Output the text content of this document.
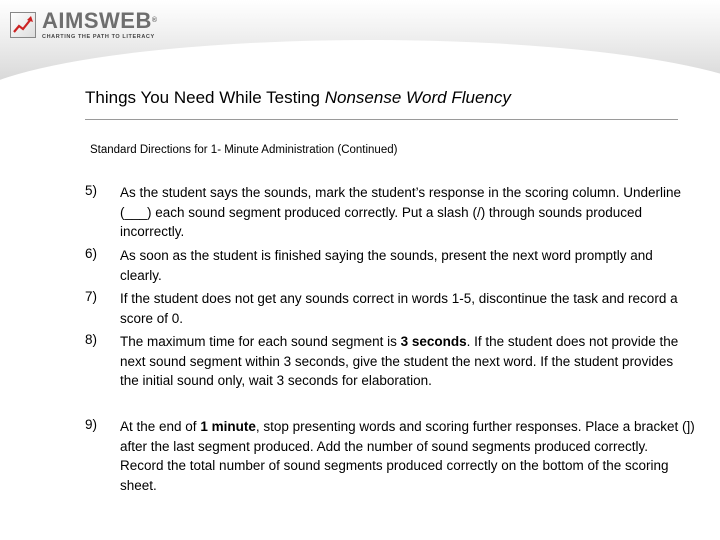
AIMSWEB®
CHARTING THE PATH TO LITERACY
Things You Need While Testing Nonsense Word Fluency
Standard Directions for 1- Minute Administration (Continued)
5) As the student says the sounds, mark the student’s response in the scoring column. Underline (___) each sound segment produced correctly. Put a slash (/) through sounds produced incorrectly.
6) As soon as the student is finished saying the sounds, present the next word promptly and clearly.
7) If the student does not get any sounds correct in words 1-5, discontinue the task and record a score of 0.
8) The maximum time for each sound segment is 3 seconds. If the student does not provide the next sound segment within 3 seconds, give the student the next word. If the student provides the initial sound only, wait 3 seconds for elaboration.
9) At the end of 1 minute, stop presenting words and scoring further responses. Place a bracket (]) after the last segment produced. Add the number of sound segments produced correctly. Record the total number of sound segments produced correctly on the bottom of the scoring sheet.
